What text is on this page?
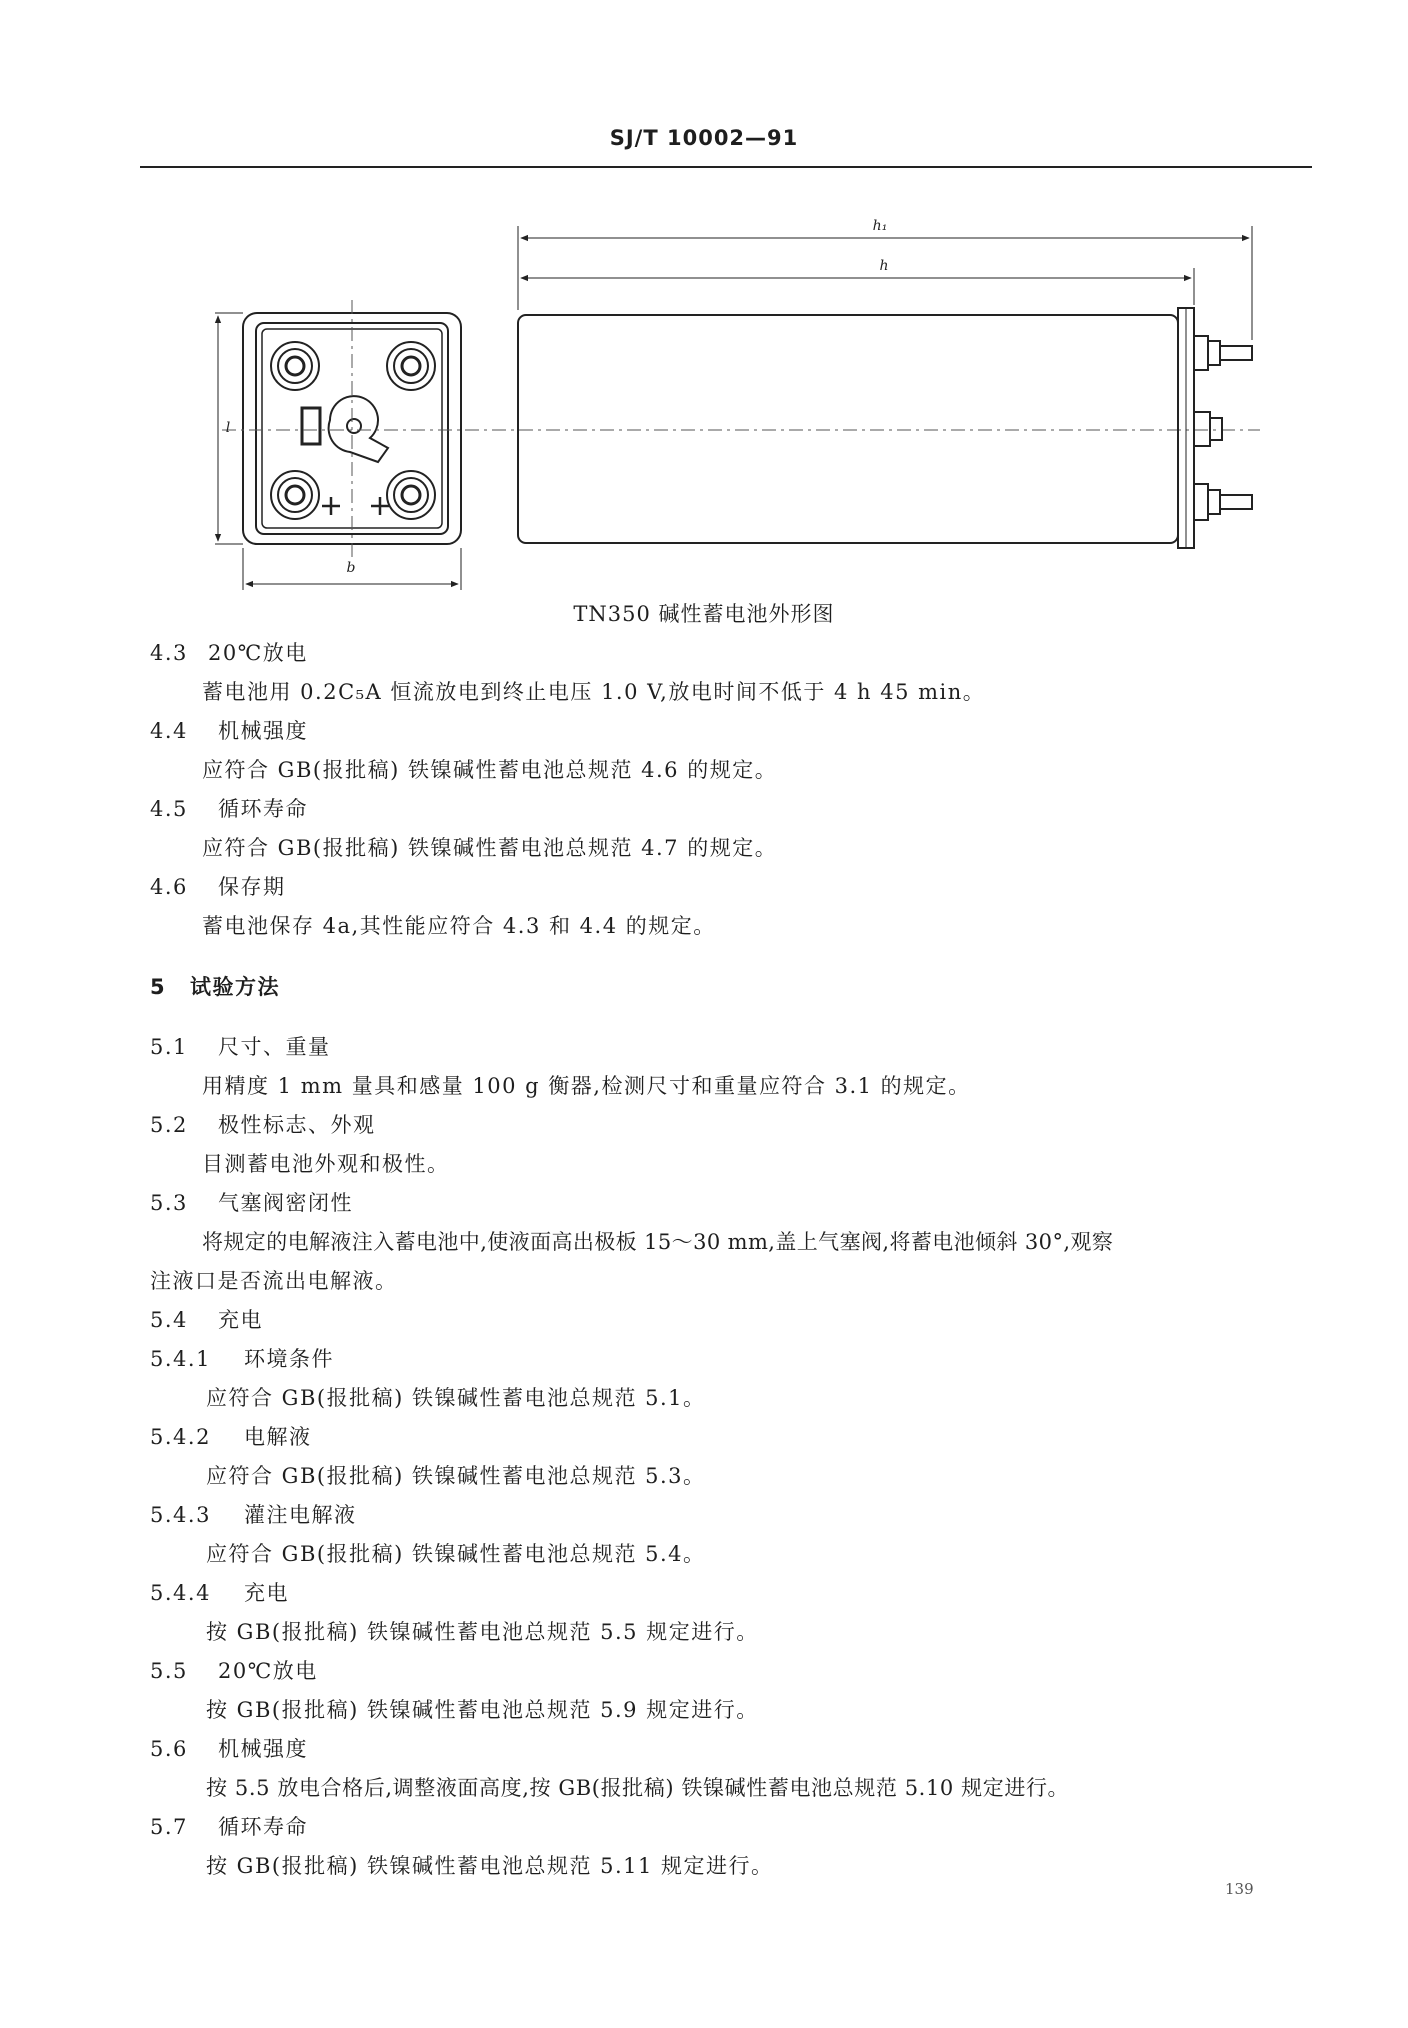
SJ/T 10002—91
b
l
h₁
h
TN350 碱性蓄电池外形图
4.3 20℃放电
蓄电池用 0.2C₅A 恒流放电到终止电压 1.0 V,放电时间不低于 4 h 45 min。
4.4 机械强度
应符合 GB(报批稿) 铁镍碱性蓄电池总规范 4.6 的规定。
4.5 循环寿命
应符合 GB(报批稿) 铁镍碱性蓄电池总规范 4.7 的规定。
4.6 保存期
蓄电池保存 4a,其性能应符合 4.3 和 4.4 的规定。
5 试验方法
5.1 尺寸、重量
用精度 1 mm 量具和感量 100 g 衡器,检测尺寸和重量应符合 3.1 的规定。
5.2 极性标志、外观
目测蓄电池外观和极性。
5.3 气塞阀密闭性
将规定的电解液注入蓄电池中,使液面高出极板 15～30 mm,盖上气塞阀,将蓄电池倾斜 30°,观察
注液口是否流出电解液。
5.4 充电
5.4.1 环境条件
应符合 GB(报批稿) 铁镍碱性蓄电池总规范 5.1。
5.4.2 电解液
应符合 GB(报批稿) 铁镍碱性蓄电池总规范 5.3。
5.4.3 灌注电解液
应符合 GB(报批稿) 铁镍碱性蓄电池总规范 5.4。
5.4.4 充电
按 GB(报批稿) 铁镍碱性蓄电池总规范 5.5 规定进行。
5.5 20℃放电
按 GB(报批稿) 铁镍碱性蓄电池总规范 5.9 规定进行。
5.6 机械强度
按 5.5 放电合格后,调整液面高度,按 GB(报批稿) 铁镍碱性蓄电池总规范 5.10 规定进行。
5.7 循环寿命
按 GB(报批稿) 铁镍碱性蓄电池总规范 5.11 规定进行。
139
